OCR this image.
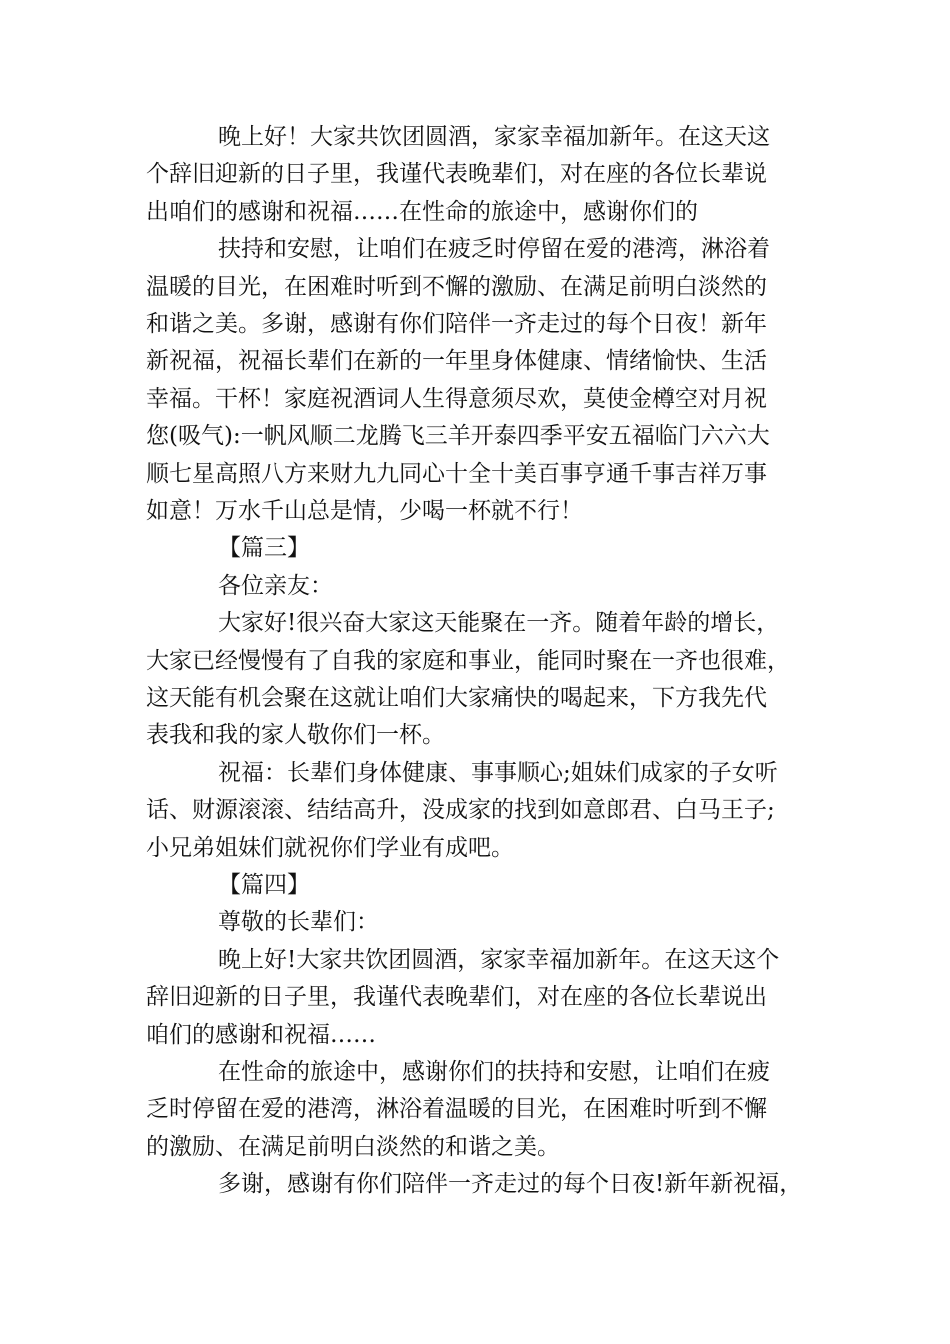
晚上好！大家共饮团圆酒，家家幸福加新年。在这天这
个辞旧迎新的日子里，我谨代表晚辈们，对在座的各位长辈说
出咱们的感谢和祝福……在性命的旅途中，感谢你们的
扶持和安慰，让咱们在疲乏时停留在爱的港湾，淋浴着
温暖的目光，在困难时听到不懈的激励、在满足前明白淡然的
和谐之美。多谢，感谢有你们陪伴一齐走过的每个日夜！新年
新祝福，祝福长辈们在新的一年里身体健康、情绪愉快、生活
幸福。干杯！家庭祝酒词人生得意须尽欢，莫使金樽空对月祝
您(吸气):一帆风顺二龙腾飞三羊开泰四季平安五福临门六六大
顺七星高照八方来财九九同心十全十美百事亨通千事吉祥万事
如意！万水千山总是情，少喝一杯就不行！
【篇三】
各位亲友：
大家好!很兴奋大家这天能聚在一齐。随着年龄的增长，
大家已经慢慢有了自我的家庭和事业，能同时聚在一齐也很难，
这天能有机会聚在这就让咱们大家痛快的喝起来，下方我先代
表我和我的家人敬你们一杯。
祝福：长辈们身体健康、事事顺心;姐妹们成家的子女听
话、财源滚滚、结结高升，没成家的找到如意郎君、白马王子;
小兄弟姐妹们就祝你们学业有成吧。
【篇四】
尊敬的长辈们：
晚上好!大家共饮团圆酒，家家幸福加新年。在这天这个
辞旧迎新的日子里，我谨代表晚辈们，对在座的各位长辈说出
咱们的感谢和祝福……
在性命的旅途中，感谢你们的扶持和安慰，让咱们在疲
乏时停留在爱的港湾，淋浴着温暖的目光，在困难时听到不懈
的激励、在满足前明白淡然的和谐之美。
多谢，感谢有你们陪伴一齐走过的每个日夜!新年新祝福，
